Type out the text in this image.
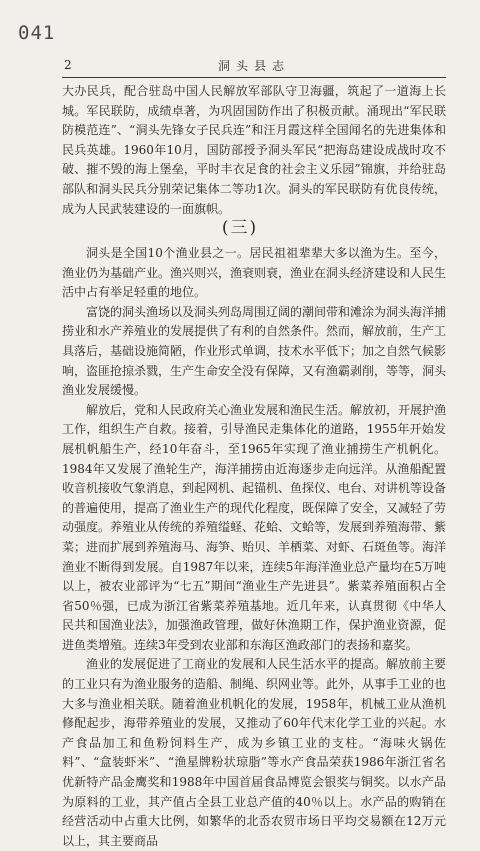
041
2	洞头县志

大办民兵，配合驻岛中国人民解放军部队守卫海疆，筑起了一道海上长城。军民联防，成绩卓著，为巩固国防作出了积极贡献。涌现出“军民联防模范连”、“洞头先锋女子民兵连”和汪月霞这样全国闻名的先进集体和民兵英雄。1960年10月，国防部授予洞头军民“把海岛建设成战时攻不破、摧不毁的海上堡垒，平时丰衣足食的社会主义乐园”锦旗，并给驻岛部队和洞头民兵分别荣记集体二等功1次。洞头的军民联防有优良传统，成为人民武装建设的一面旗帜。

(三)

洞头是全国10个渔业县之一。居民祖祖辈辈大多以渔为生。至今，渔业仍为基础产业。渔兴则兴，渔衰则衰，渔业在洞头经济建设和人民生活中占有举足轻重的地位。

富饶的洞头渔场以及洞头列岛周围辽阔的潮间带和滩涂为洞头海洋捕捞业和水产养殖业的发展提供了有利的自然条件。然而，解放前，生产工具落后，基础设施简陋，作业形式单调，技术水平低下；加之自然气候影响，盗匪抢掠杀戮，生产生命安全没有保障，又有渔霸剥削，等等，洞头渔业发展缓慢。

解放后，党和人民政府关心渔业发展和渔民生活。解放初，开展护渔工作，组织生产自救。接着，引导渔民走集体化的道路，1955年开始发展机帆船生产，经10年奋斗，至1965年实现了渔业捕捞生产机帆化。1984年又发展了渔轮生产，海洋捕捞由近海逐步走向远洋。从渔船配置收音机接收气象消息，到起网机、起锚机、鱼探仪、电台、对讲机等设备的普遍使用，提高了渔业生产的现代化程度，既保障了安全，又减轻了劳动强度。养殖业从传统的养殖缢蛏、花蛤、文蛤等，发展到养殖海带、紫菜；进而扩展到养殖海马、海笋、贻贝、羊栖菜、对虾、石斑鱼等。海洋渔业不断得到发展。自1987年以来，连续5年海洋渔业总产量均在5万吨以上，被农业部评为“七五”期间“渔业生产先进县”。紫菜养殖面积占全省50％强，已成为浙江省紫菜养殖基地。近几年来，认真贯彻《中华人民共和国渔业法》，加强渔政管理，做好休渔期工作，保护渔业资源，促进鱼类增殖。连续3年受到农业部和东海区渔政部门的表扬和嘉奖。

渔业的发展促进了工商业的发展和人民生活水平的提高。解放前主要的工业只有为渔业服务的造船、制绳、织网业等。此外，从事手工业的也大多与渔业相关联。随着渔业机帆化的发展，1958年，机械工业从渔机修配起步，海带养殖业的发展，又推动了60年代末化学工业的兴起。水产食品加工和鱼粉饲料生产，成为乡镇工业的支柱。“海味火锅佐料”、“盒装虾米”、“渔星牌粉状琼脂”等水产食品荣获1986年浙江省名优新特产品金鹰奖和1988年中国首届食品博览会银奖与铜奖。以水产品为原料的工业，其产值占全县工业总产值的40％以上。水产品的购销在经营活动中占重大比例，如繁华的北岙农贸市场日平均交易额在12万元以上，其主要商品
